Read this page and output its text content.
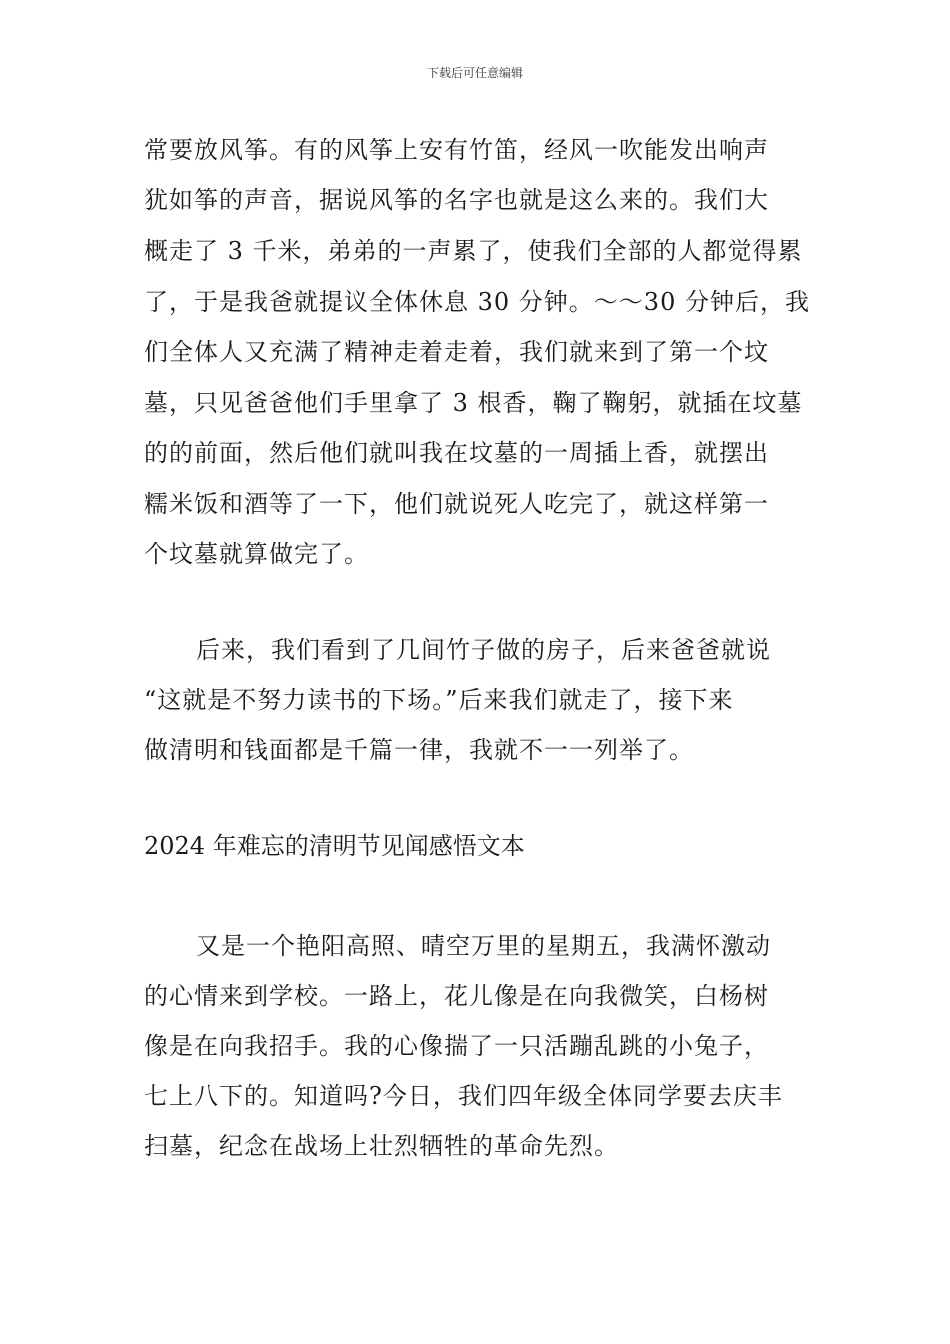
下载后可任意编辑
常要放风筝。有的风筝上安有竹笛，经风一吹能发出响声
犹如筝的声音，据说风筝的名字也就是这么来的。我们大
概走了 3 千米，弟弟的一声累了，使我们全部的人都觉得累
了，于是我爸就提议全体休息 30 分钟。～～30 分钟后，我
们全体人又充满了精神走着走着，我们就来到了第一个坟
墓，只见爸爸他们手里拿了 3 根香，鞠了鞠躬，就插在坟墓
的的前面，然后他们就叫我在坟墓的一周插上香，就摆出
糯米饭和酒等了一下，他们就说死人吃完了，就这样第一
个坟墓就算做完了。
后来，我们看到了几间竹子做的房子，后来爸爸就说
“这就是不努力读书的下场。”后来我们就走了，接下来
做清明和钱面都是千篇一律，我就不一一列举了。
2024 年难忘的清明节见闻感悟文本
又是一个艳阳高照、晴空万里的星期五，我满怀激动
的心情来到学校。一路上，花儿像是在向我微笑，白杨树
像是在向我招手。我的心像揣了一只活蹦乱跳的小兔子，
七上八下的。知道吗?今日，我们四年级全体同学要去庆丰
扫墓，纪念在战场上壮烈牺牲的革命先烈。
